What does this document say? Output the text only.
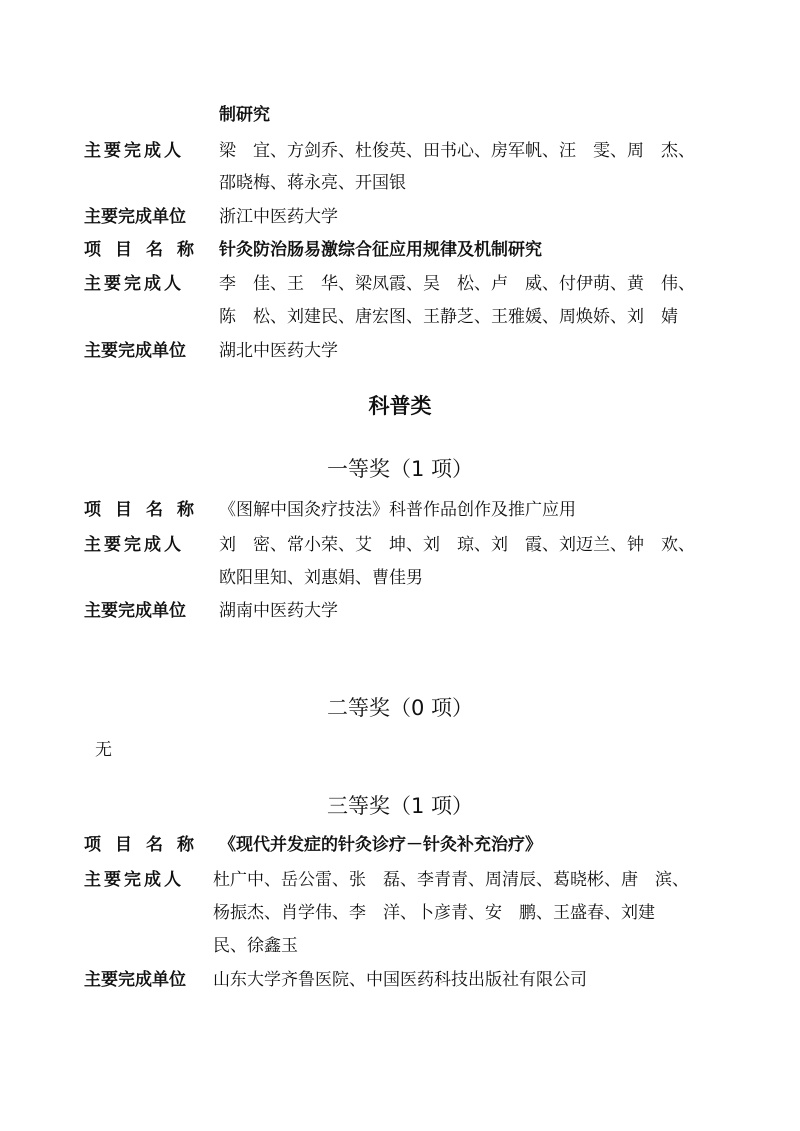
制研究
主要完成人 梁　宜、方剑乔、杜俊英、田书心、房军帆、汪　雯、周　杰、
邵晓梅、蒋永亮、开国银
主要完成单位 浙江中医药大学
项目名称 针灸防治肠易激综合征应用规律及机制研究
主要完成人 李　佳、王　华、梁凤霞、吴　松、卢　威、付伊萌、黄　伟、
陈　松、刘建民、唐宏图、王静芝、王雅媛、周焕娇、刘　婧
主要完成单位 湖北中医药大学
科普类
一等奖（1 项）
项目名称 《图解中国灸疗技法》科普作品创作及推广应用
主要完成人 刘　密、常小荣、艾　坤、刘　琼、刘　霞、刘迈兰、钟　欢、
欧阳里知、刘惠娟、曹佳男
主要完成单位 湖南中医药大学
二等奖（0 项）
无
三等奖（1 项）
项目名称 《现代并发症的针灸诊疗－针灸补充治疗》
主要完成人 杜广中、岳公雷、张　磊、李青青、周清辰、葛晓彬、唐　滨、
杨振杰、肖学伟、李　洋、卜彦青、安　鹏、王盛春、刘建
民、徐鑫玉
主要完成单位 山东大学齐鲁医院、中国医药科技出版社有限公司
